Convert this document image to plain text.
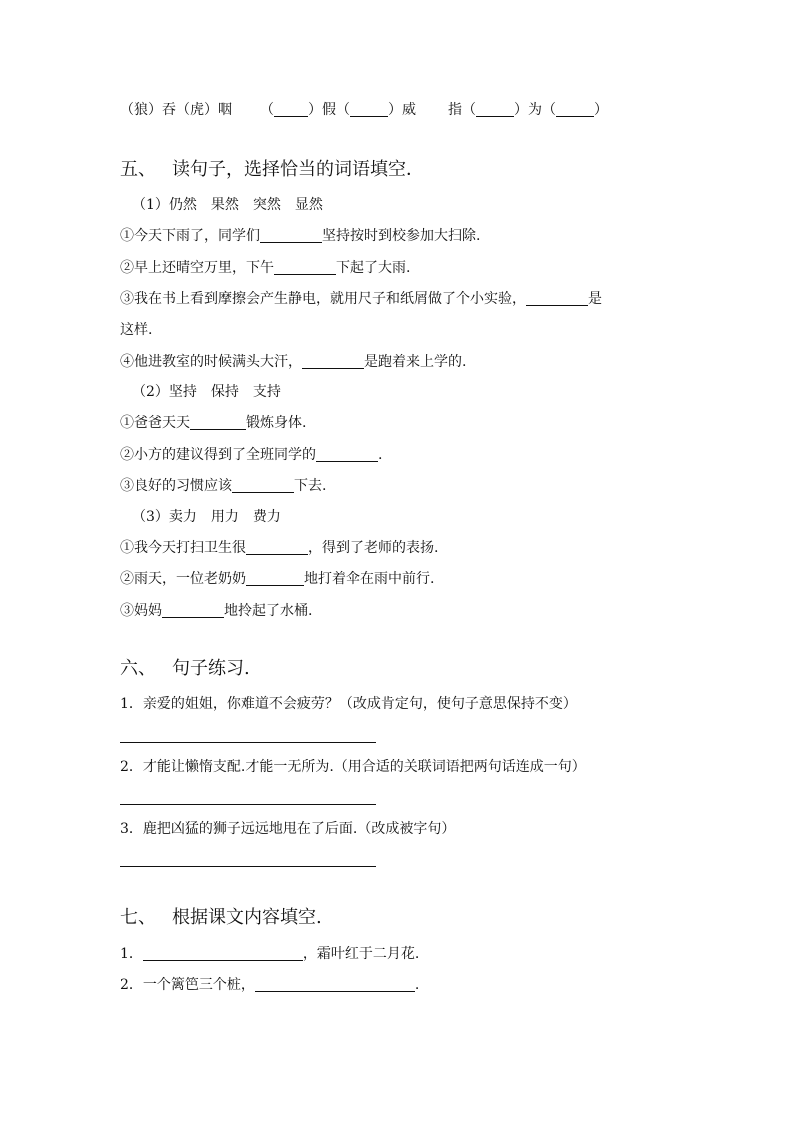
（狼）吞（虎）咽 （ ）假（	）威 指（	）为（	）
五、 读句子，选择恰当的词语填空．
（1）仍然　果然　突然　显然
①今天下雨了，同学们	坚持按时到校参加大扫除.
②早上还晴空万里，下午	下起了大雨.
③我在书上看到摩擦会产生静电，就用尺子和纸屑做了个小实验，	是
这样.
④他进教室的时候满头大汗，	是跑着来上学的.
（2）坚持　保持　支持
①爸爸天天	锻炼身体.
②小方的建议得到了全班同学的	.
③良好的习惯应该	下去.
（3）卖力　用力　费力
①我今天打扫卫生很	，得到了老师的表扬.
②雨天，一位老奶奶	地打着伞在雨中前行.
③妈妈	地拎起了水桶.
六、 句子练习.
1．亲爱的姐姐，你难道不会疲劳？（改成肯定句，使句子意思保持不变）
2．才能让懒惰支配.才能一无所为.（用合适的关联词语把两句话连成一句）
3．鹿把凶猛的狮子远远地甩在了后面.（改成被字句）
七、 根据课文内容填空.
1．	，霜叶红于二月花.
2．一个篱笆三个桩，	.
